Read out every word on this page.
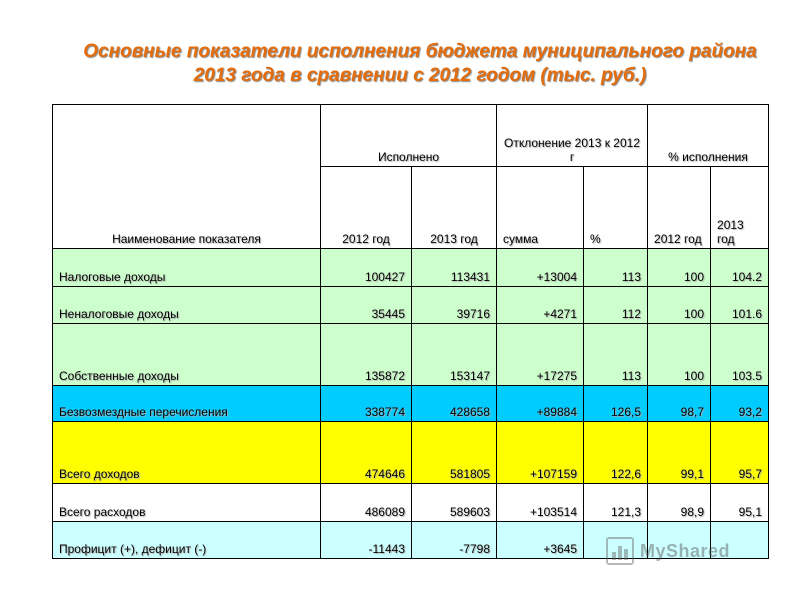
Основные показатели исполнения бюджета муниципального района
2013 года в сравнении с 2012 годом (тыс. руб.)
Наименование показателя	Исполнено		Отклонение 2013 к 2012 г		% исполнения	
	2012 год	2013 год	сумма	%	2012 год	2013 год
Налоговые доходы	100427	113431	+13004	113	100	104.2
Неналоговые доходы	35445	39716	+4271	112	100	101.6
Собственные доходы	135872	153147	+17275	113	100	103.5
Безвозмездные перечисления	338774	428658	+89884	126,5	98,7	93,2
Всего доходов	474646	581805	+107159	122,6	99,1	95,7
Всего расходов	486089	589603	+103514	121,3	98,9	95,1
Профицит (+), дефицит (-)	-11443	-7798	+3645				MyShared
